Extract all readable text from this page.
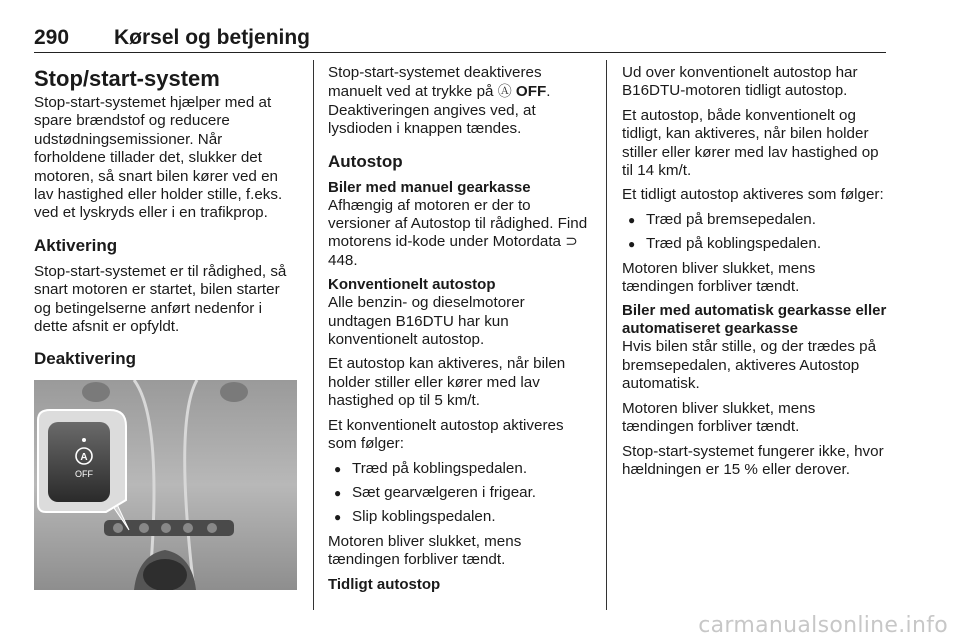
290 Kørsel og betjening
Stop/start-system

Stop-start-systemet hjælper med at spare brændstof og reducere udstødningsemissioner. Når forholdene tillader det, slukker det motoren, så snart bilen kører ved en lav hastighed eller holder stille, f.eks. ved et lyskryds eller i en trafikprop.

Aktivering

Stop-start-systemet er til rådighed, så snart motoren er startet, bilen starter og betingelserne anført nedenfor i dette afsnit er opfyldt.

Deaktivering
A
OFF

Stop-start-systemet deaktiveres manuelt ved at trykke på Ⓐ OFF. Deaktiveringen angives ved, at lysdioden i knappen tændes.

Autostop
Biler med manuel gearkasse

Afhængig af motoren er der to versioner af Autostop til rådighed. Find motorens id-kode under Motordata ⊃ 448.

Konventionelt autostop

Alle benzin- og dieselmotorer undtagen B16DTU har kun konventionelt autostop.

Et autostop kan aktiveres, når bilen holder stiller eller kører med lav hastighed op til 5 km/t.

Et konventionelt autostop aktiveres som følger:

● Træd på koblingspedalen.
● Sæt gearvælgeren i frigear.
● Slip koblingspedalen.

Motoren bliver slukket, mens tændingen forbliver tændt.

Tidligt autostop

Ud over konventionelt autostop har B16DTU-motoren tidligt autostop.

Et autostop, både konventionelt og tidligt, kan aktiveres, når bilen holder stiller eller kører med lav hastighed op til 14 km/t.

Et tidligt autostop aktiveres som følger:

● Træd på bremsepedalen.
● Træd på koblingspedalen.

Motoren bliver slukket, mens tændingen forbliver tændt.

Biler med automatisk gearkasse eller automatiseret gearkasse

Hvis bilen står stille, og der trædes på bremsepedalen, aktiveres Autostop automatisk.

Motoren bliver slukket, mens tændingen forbliver tændt.

Stop-start-systemet fungerer ikke, hvor hældningen er 15 % eller derover.

carmanualsonline.info
